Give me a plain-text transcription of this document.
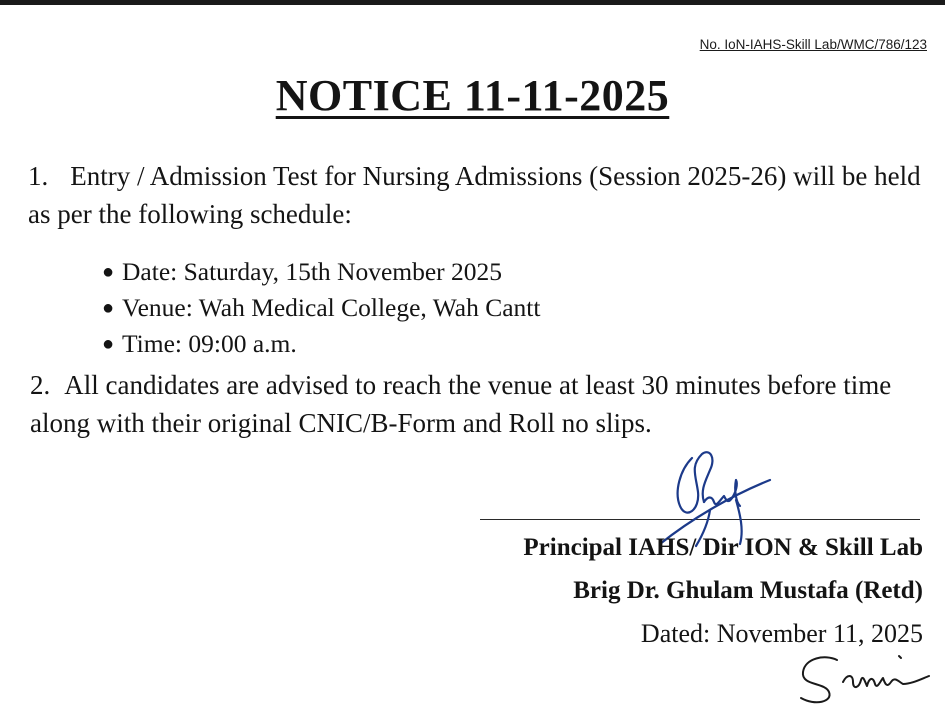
No. IoN-IAHS-Skill Lab/WMC/786/123
NOTICE 11-11-2025

1. Entry / Admission Test for Nursing Admissions (Session 2025-26) will be held as per the following schedule:

● Date: Saturday, 15th November 2025
● Venue: Wah Medical College, Wah Cantt
● Time: 09:00 a.m.

2. All candidates are advised to reach the venue at least 30 minutes before time along with their original CNIC/B-Form and Roll no slips.

Principal IAHS/ Dir ION & Skill Lab

Brig Dr. Ghulam Mustafa (Retd)

Dated: November 11, 2025
